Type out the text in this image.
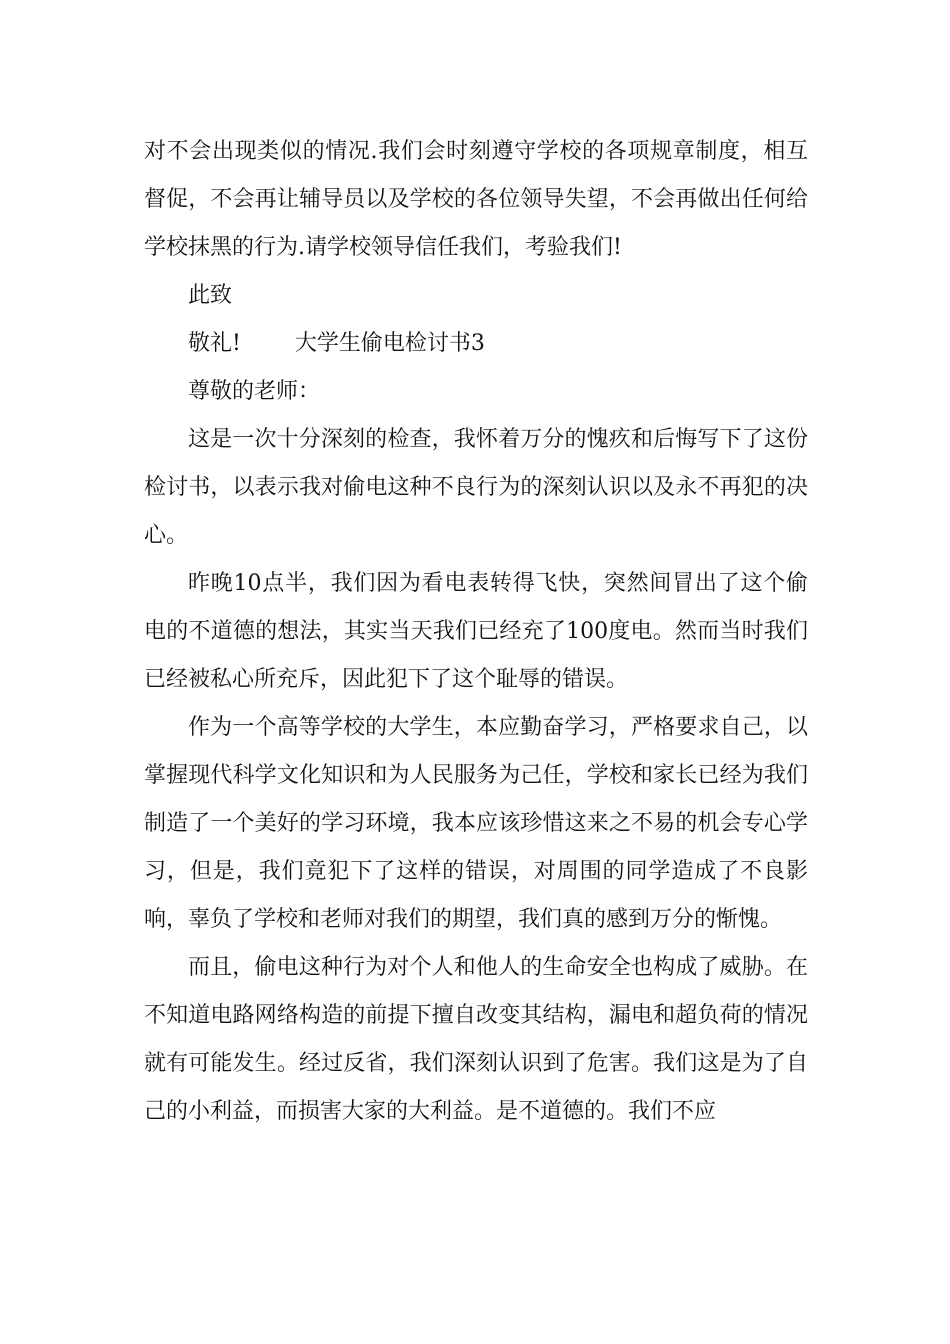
对不会出现类似的情况.我们会时刻遵守学校的各项规章制度，相互督促，不会再让辅导员以及学校的各位领导失望，不会再做出任何给学校抹黑的行为.请学校领导信任我们，考验我们!

此致

敬礼! 大学生偷电检讨书3

尊敬的老师：

这是一次十分深刻的检查，我怀着万分的愧疚和后悔写下了这份检讨书，以表示我对偷电这种不良行为的深刻认识以及永不再犯的决心。

昨晚10点半，我们因为看电表转得飞快，突然间冒出了这个偷电的不道德的想法，其实当天我们已经充了100度电。然而当时我们已经被私心所充斥，因此犯下了这个耻辱的错误。

作为一个高等学校的大学生，本应勤奋学习，严格要求自己，以掌握现代科学文化知识和为人民服务为己任，学校和家长已经为我们制造了一个美好的学习环境，我本应该珍惜这来之不易的机会专心学习，但是，我们竟犯下了这样的错误，对周围的同学造成了不良影响，辜负了学校和老师对我们的期望，我们真的感到万分的惭愧。

而且，偷电这种行为对个人和他人的生命安全也构成了威胁。在不知道电路网络构造的前提下擅自改变其结构，漏电和超负荷的情况就有可能发生。经过反省，我们深刻认识到了危害。我们这是为了自己的小利益，而损害大家的大利益。是不道德的。我们不应
